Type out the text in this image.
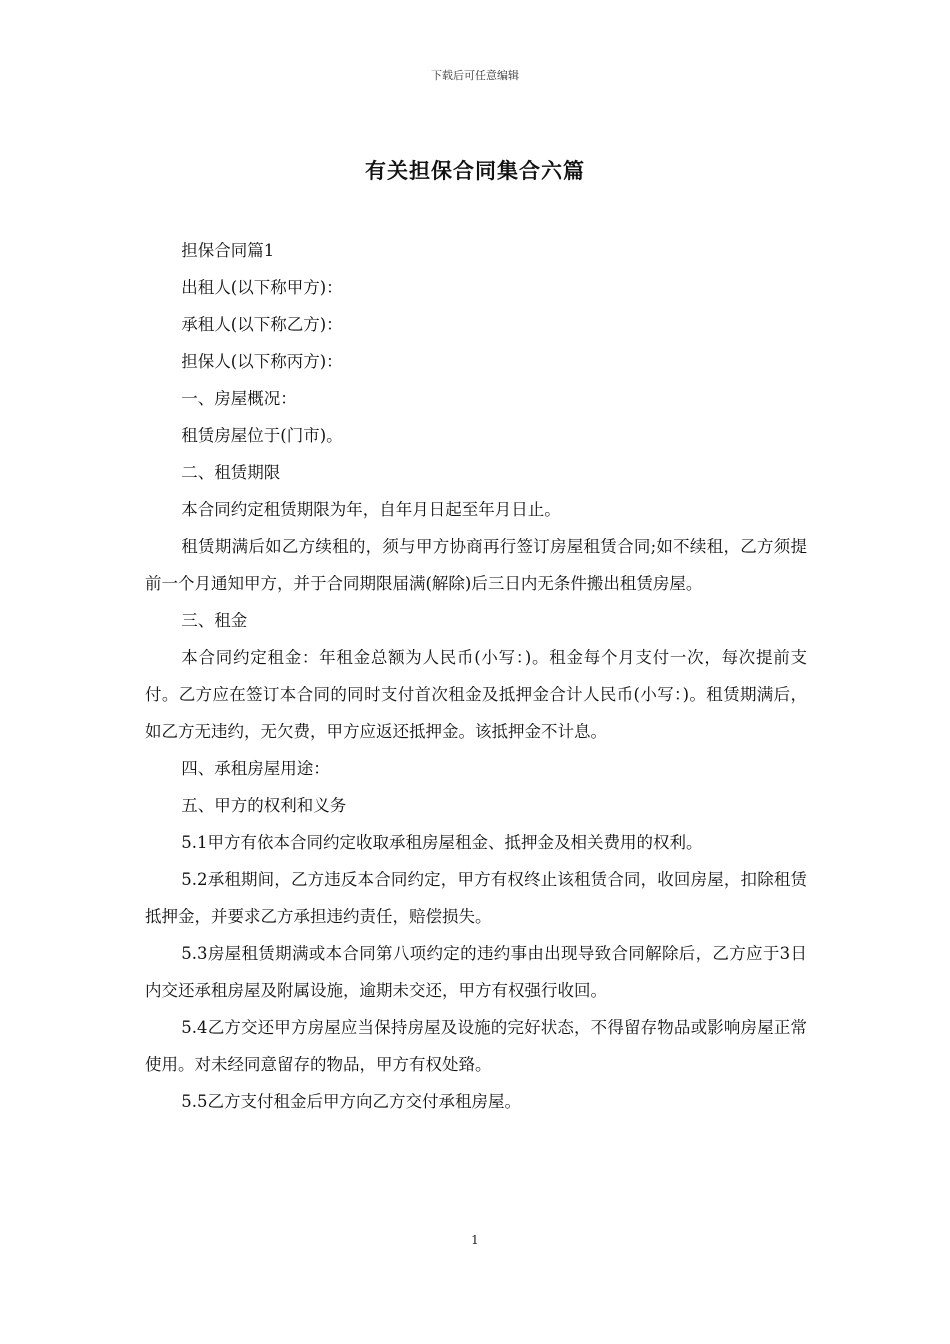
下载后可任意编辑
有关担保合同集合六篇

担保合同篇1

出租人(以下称甲方)：

承租人(以下称乙方)：

担保人(以下称丙方)：

一、房屋概况：

租赁房屋位于(门市)。

二、租赁期限

本合同约定租赁期限为年，自年月日起至年月日止。

租赁期满后如乙方续租的，须与甲方协商再行签订房屋租赁合同;如不续租，乙方须提前一个月通知甲方，并于合同期限届满(解除)后三日内无条件搬出租赁房屋。

三、租金

本合同约定租金：年租金总额为人民币(小写：)。租金每个月支付一次，每次提前支付。乙方应在签订本合同的同时支付首次租金及抵押金合计人民币(小写：)。租赁期满后，如乙方无违约，无欠费，甲方应返还抵押金。该抵押金不计息。

四、承租房屋用途：

五、甲方的权利和义务

5.1甲方有依本合同约定收取承租房屋租金、抵押金及相关费用的权利。

5.2承租期间，乙方违反本合同约定，甲方有权终止该租赁合同，收回房屋，扣除租赁抵押金，并要求乙方承担违约责任，赔偿损失。

5.3房屋租赁期满或本合同第八项约定的违约事由出现导致合同解除后，乙方应于3日内交还承租房屋及附属设施，逾期未交还，甲方有权强行收回。

5.4乙方交还甲方房屋应当保持房屋及设施的完好状态，不得留存物品或影响房屋正常使用。对未经同意留存的物品，甲方有权处臵。

5.5乙方支付租金后甲方向乙方交付承租房屋。

1
